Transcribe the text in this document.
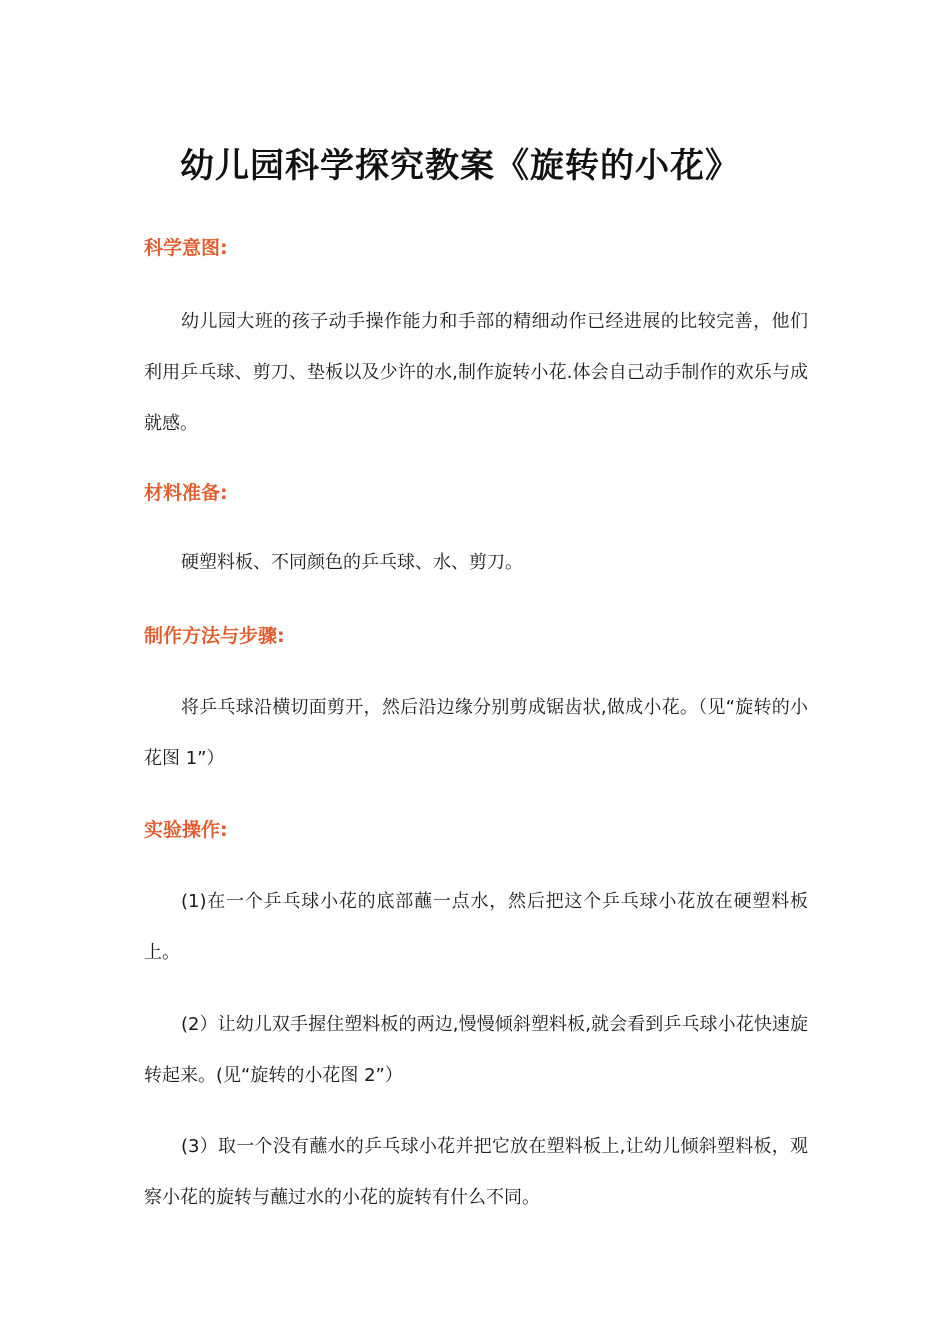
幼儿园科学探究教案《旋转的小花》
科学意图:
幼儿园大班的孩子动手操作能力和手部的精细动作已经进展的比较完善，他们利用乒乓球、剪刀、垫板以及少许的水,制作旋转小花.体会自己动手制作的欢乐与成就感。
材料准备:
硬塑料板、不同颜色的乒乓球、水、剪刀。
制作方法与步骤:
将乒乓球沿横切面剪开，然后沿边缘分别剪成锯齿状,做成小花。（见“旋转的小花图 1”）
实验操作:
(1)在一个乒乓球小花的底部蘸一点水，然后把这个乒乓球小花放在硬塑料板上。
(2）让幼儿双手握住塑料板的两边,慢慢倾斜塑料板,就会看到乒乓球小花快速旋转起来。(见“旋转的小花图 2”）
(3）取一个没有蘸水的乒乓球小花并把它放在塑料板上,让幼儿倾斜塑料板，观察小花的旋转与蘸过水的小花的旋转有什么不同。
